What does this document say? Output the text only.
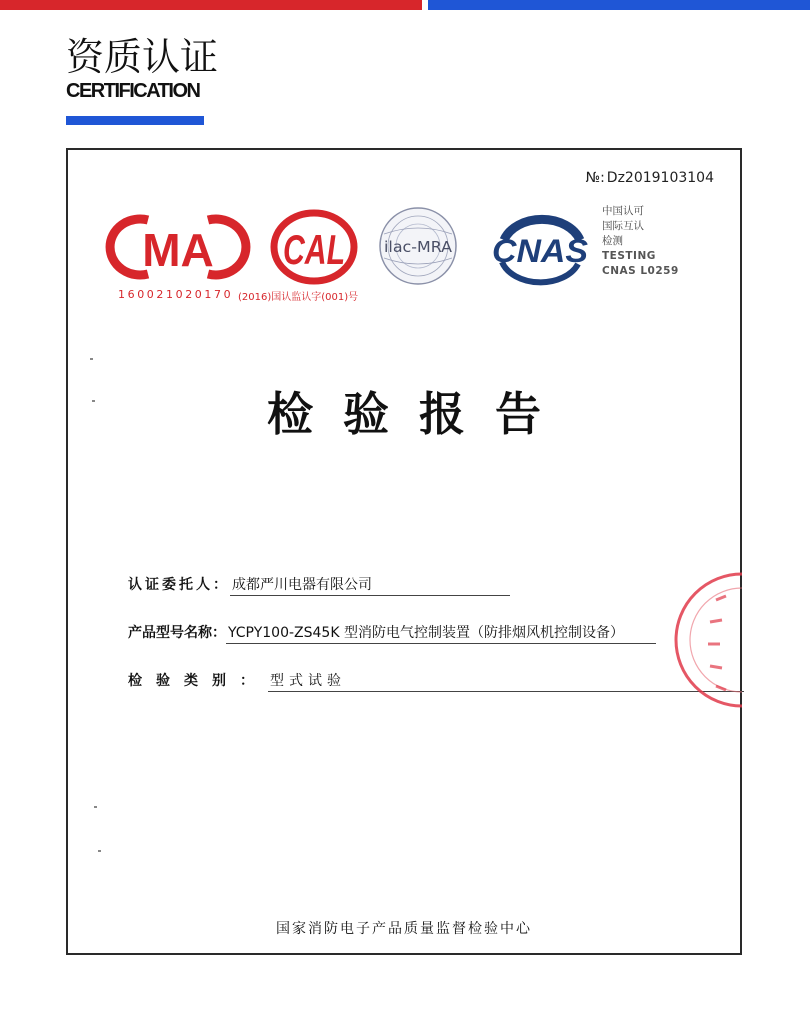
资质认证
CERTIFICATION
№: Dz2019103104
MA
160021020170
CAL
(2016)国认监认字(001)号
ilac-MRA CNAS
中国认可
国际互认
检测
TESTING
CNAS L0259
检验报告
认证委托人： 成都严川电器有限公司
产品型号名称： YCPY100-ZS45K 型消防电气控制装置（防排烟风机控制设备）
检验类别： 型式试验
国家消防电子产品质量监督检验中心
